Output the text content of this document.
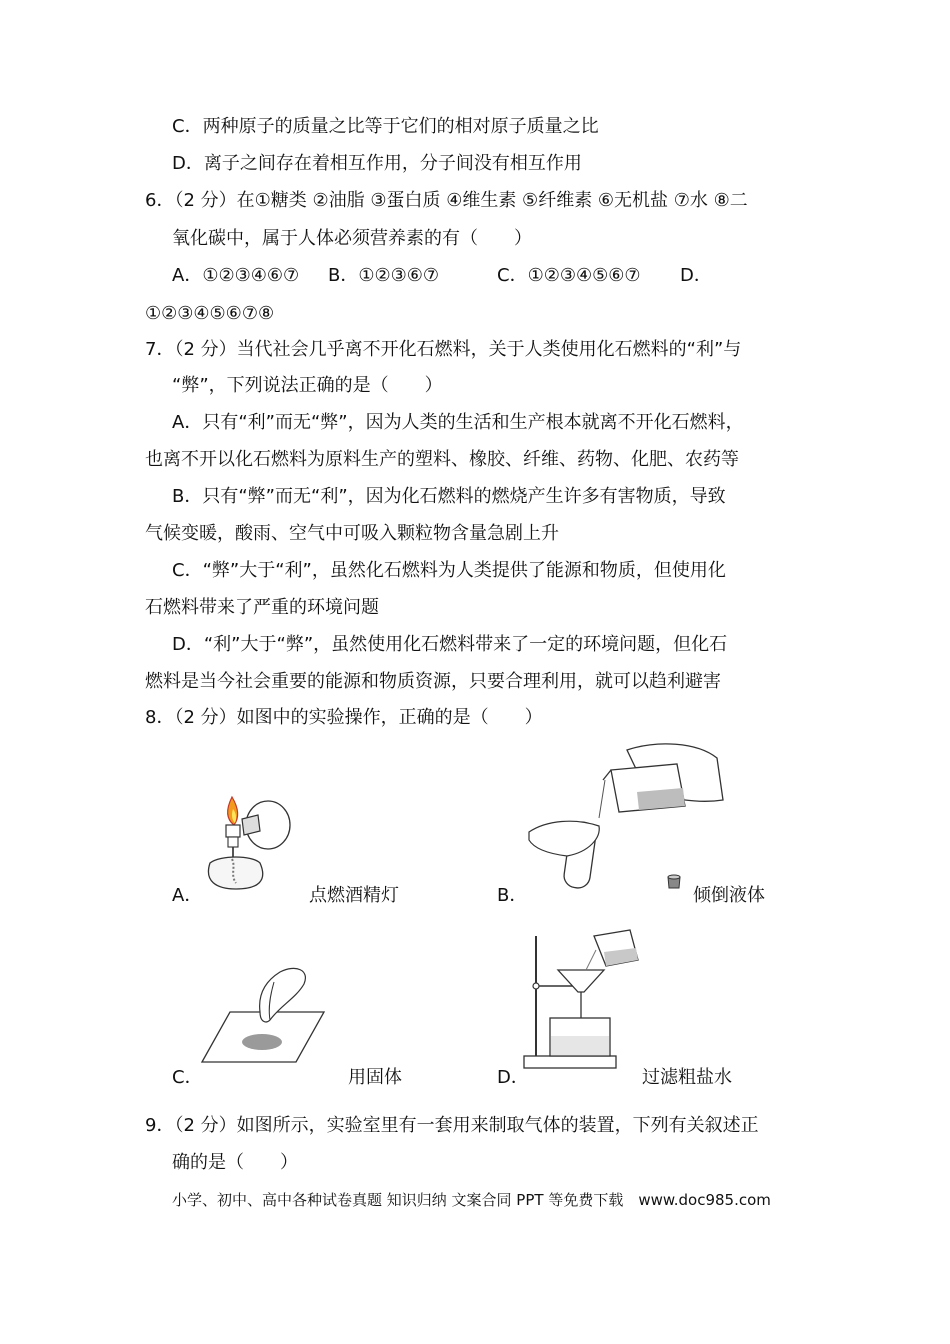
C．两种原子的质量之比等于它们的相对原子质量之比
D．离子之间存在着相互作用，分子间没有相互作用
6．（2 分）在①糖类 ②油脂 ③蛋白质 ④维生素 ⑤纤维素 ⑥无机盐 ⑦水 ⑧二
氧化碳中，属于人体必须营养素的有（　　）
A．①②③④⑥⑦ B．①②③⑥⑦	C．①②③④⑤⑥⑦ D．
①②③④⑤⑥⑦⑧
7．（2 分）当代社会几乎离不开化石燃料，关于人类使用化石燃料的“利”与
“弊”，下列说法正确的是（　　）
A．只有“利”而无“弊”，因为人类的生活和生产根本就离不开化石燃料，
也离不开以化石燃料为原料生产的塑料、橡胶、纤维、药物、化肥、农药等
B．只有“弊”而无“利”，因为化石燃料的燃烧产生许多有害物质，导致
气候变暖，酸雨、空气中可吸入颗粒物含量急剧上升
C．“弊”大于“利”，虽然化石燃料为人类提供了能源和物质，但使用化
石燃料带来了严重的环境问题
D．“利”大于“弊”，虽然使用化石燃料带来了一定的环境问题，但化石
燃料是当今社会重要的能源和物质资源，只要合理利用，就可以趋利避害
8．（2 分）如图中的实验操作，正确的是（　　）
A．	点燃酒精灯	B．	倾倒液体
C．	用固体	D．	过滤粗盐水
9．（2 分）如图所示，实验室里有一套用来制取气体的装置，下列有关叙述正
确的是（　　）
小学、初中、高中各种试卷真题 知识归纳 文案合同 PPT 等免费下载　www.doc985.com
